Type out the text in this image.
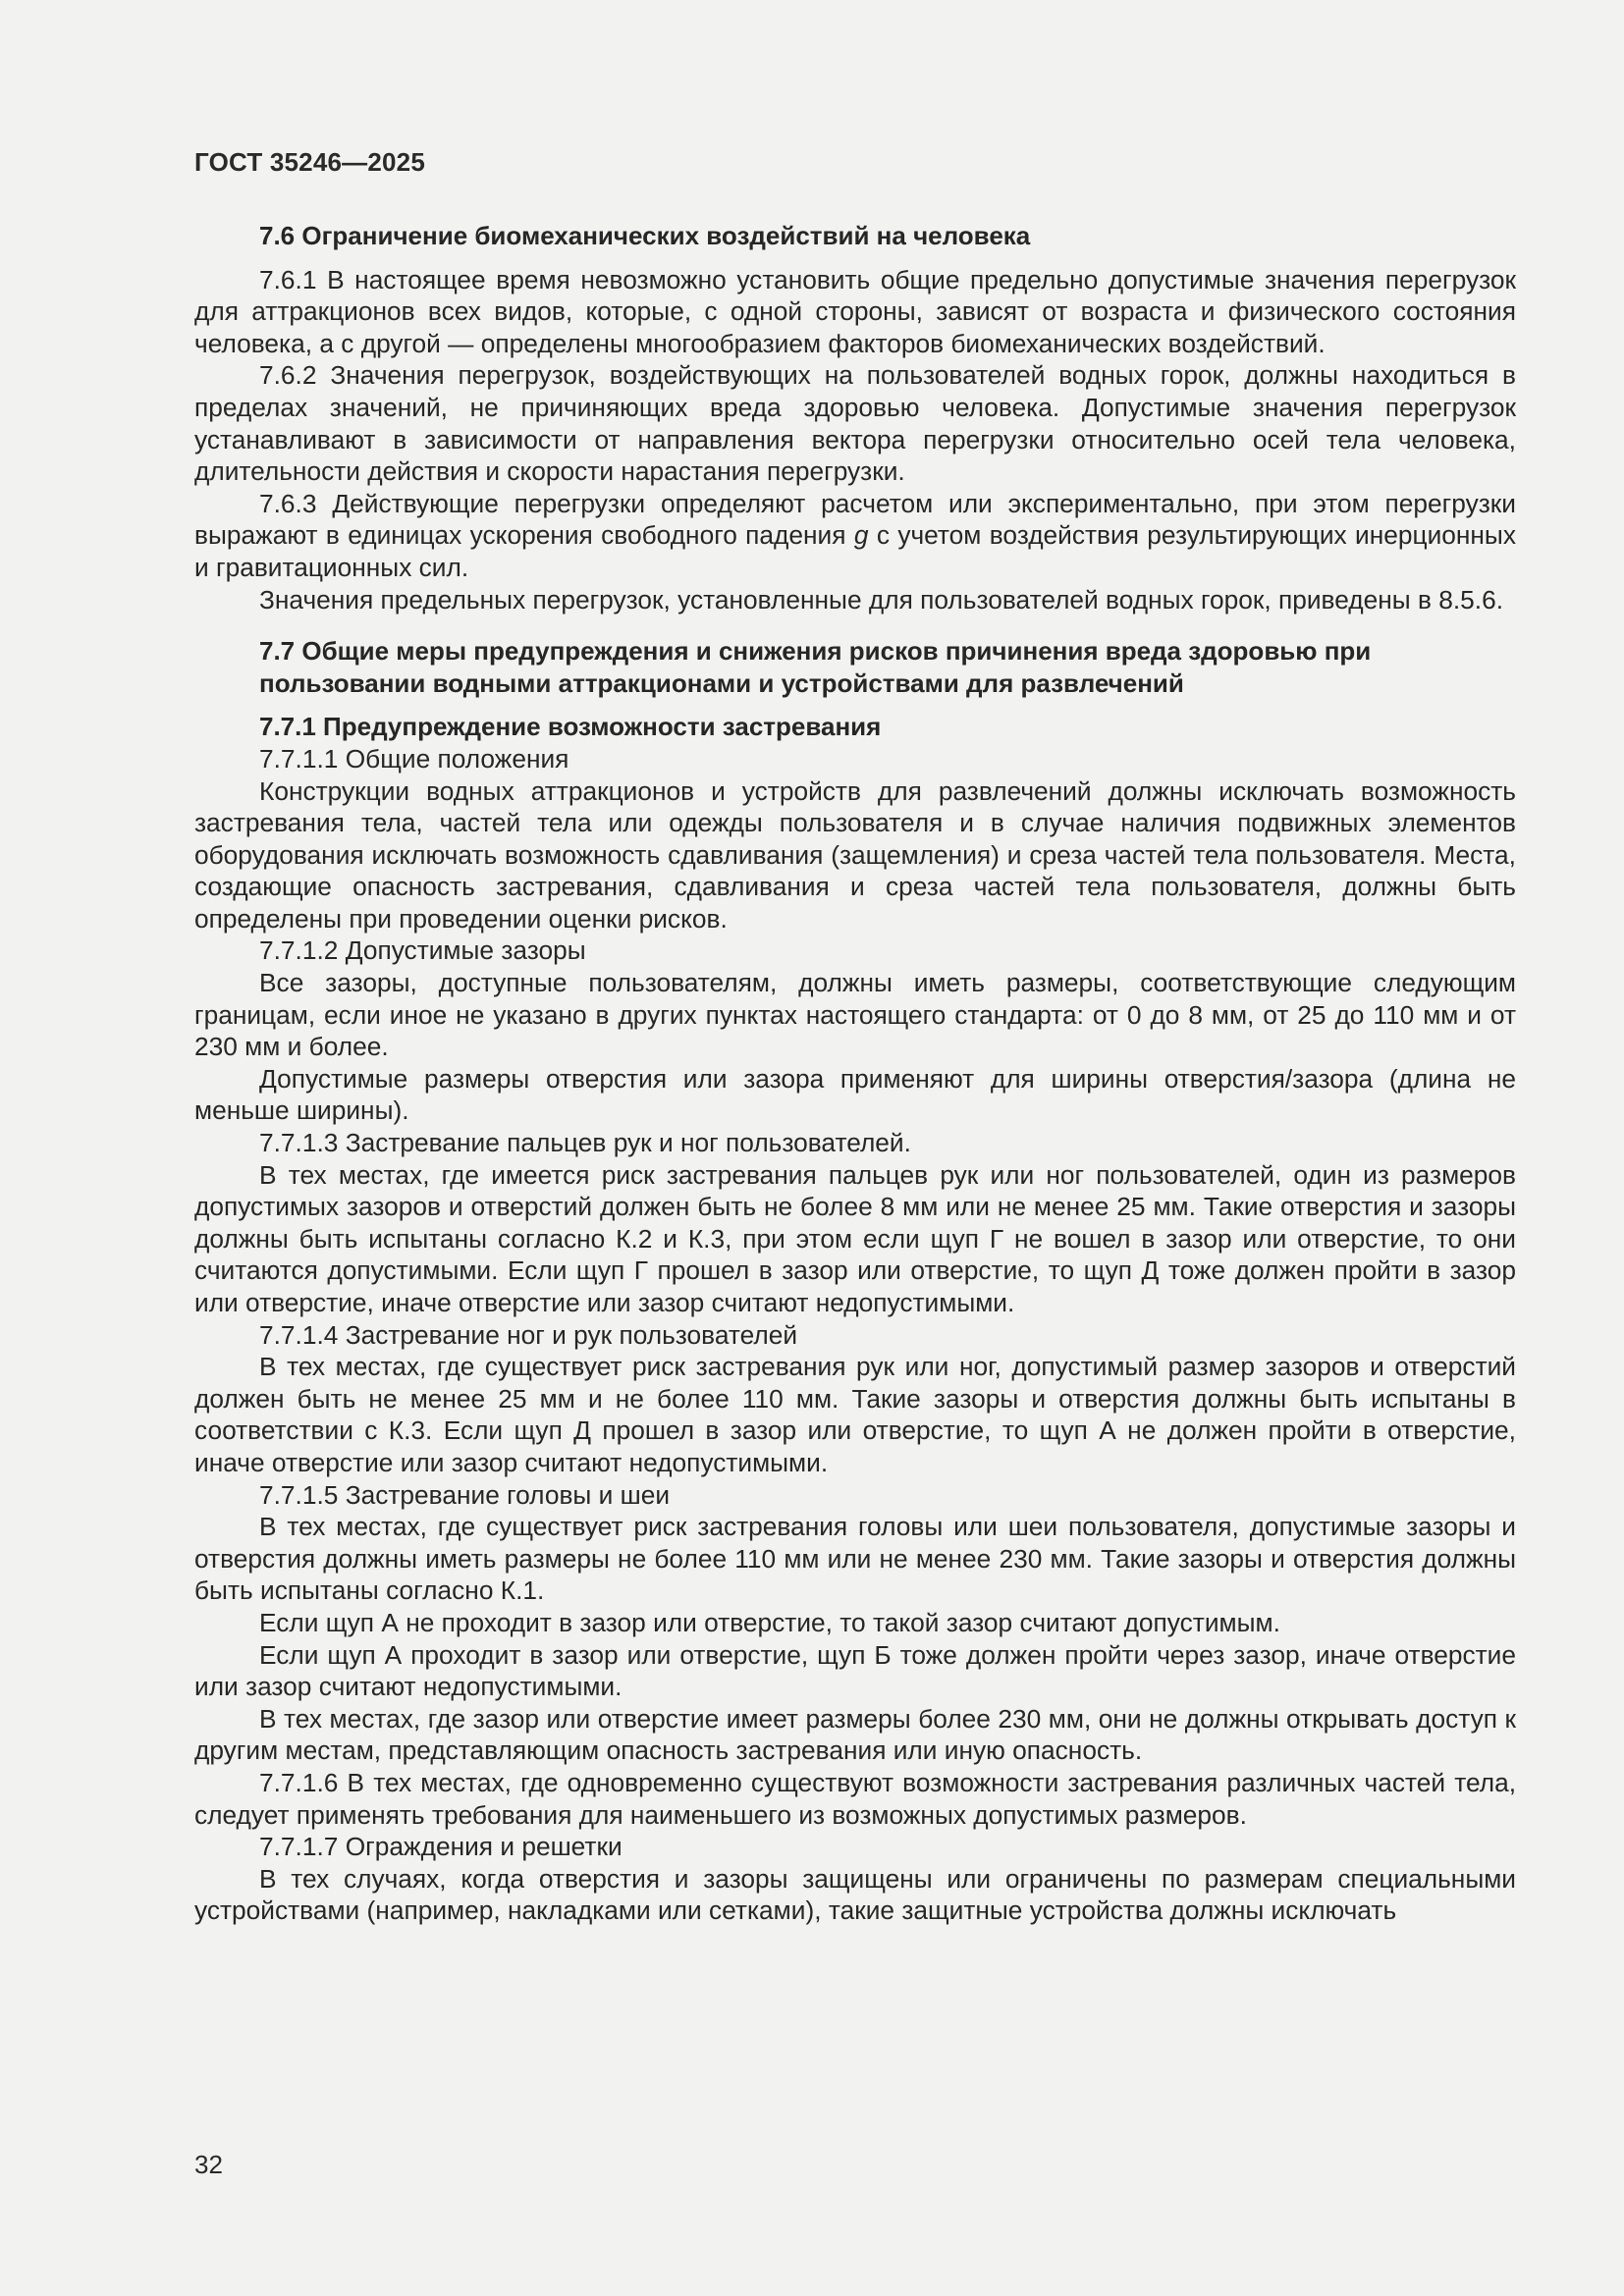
ГОСТ 35246—2025
7.6 Ограничение биомеханических воздействий на человека

7.6.1 В настоящее время невозможно установить общие предельно допустимые значения перегрузок для аттракционов всех видов, которые, с одной стороны, зависят от возраста и физического состояния человека, а с другой — определены многообразием факторов биомеханических воздействий.

7.6.2 Значения перегрузок, воздействующих на пользователей водных горок, должны находиться в пределах значений, не причиняющих вреда здоровью человека. Допустимые значения перегрузок устанавливают в зависимости от направления вектора перегрузки относительно осей тела человека, длительности действия и скорости нарастания перегрузки.

7.6.3 Действующие перегрузки определяют расчетом или экспериментально, при этом перегрузки выражают в единицах ускорения свободного падения g с учетом воздействия результирующих инерционных и гравитационных сил.

Значения предельных перегрузок, установленные для пользователей водных горок, приведены в 8.5.6.

7.7 Общие меры предупреждения и снижения рисков причинения вреда здоровью при пользовании водными аттракционами и устройствами для развлечений
7.7.1 Предупреждение возможности застревания

7.7.1.1 Общие положения

Конструкции водных аттракционов и устройств для развлечений должны исключать возможность застревания тела, частей тела или одежды пользователя и в случае наличия подвижных элементов оборудования исключать возможность сдавливания (защемления) и среза частей тела пользователя. Места, создающие опасность застревания, сдавливания и среза частей тела пользователя, должны быть определены при проведении оценки рисков.

7.7.1.2 Допустимые зазоры

Все зазоры, доступные пользователям, должны иметь размеры, соответствующие следующим границам, если иное не указано в других пунктах настоящего стандарта: от 0 до 8 мм, от 25 до 110 мм и от 230 мм и более.

Допустимые размеры отверстия или зазора применяют для ширины отверстия/зазора (длина не меньше ширины).

7.7.1.3 Застревание пальцев рук и ног пользователей.

В тех местах, где имеется риск застревания пальцев рук или ног пользователей, один из размеров допустимых зазоров и отверстий должен быть не более 8 мм или не менее 25 мм. Такие отверстия и зазоры должны быть испытаны согласно К.2 и К.3, при этом если щуп Г не вошел в зазор или отверстие, то они считаются допустимыми. Если щуп Г прошел в зазор или отверстие, то щуп Д тоже должен пройти в зазор или отверстие, иначе отверстие или зазор считают недопустимыми.

7.7.1.4 Застревание ног и рук пользователей

В тех местах, где существует риск застревания рук или ног, допустимый размер зазоров и отверстий должен быть не менее 25 мм и не более 110 мм. Такие зазоры и отверстия должны быть испытаны в соответствии с К.3. Если щуп Д прошел в зазор или отверстие, то щуп А не должен пройти в отверстие, иначе отверстие или зазор считают недопустимыми.

7.7.1.5 Застревание головы и шеи

В тех местах, где существует риск застревания головы или шеи пользователя, допустимые зазоры и отверстия должны иметь размеры не более 110 мм или не менее 230 мм. Такие зазоры и отверстия должны быть испытаны согласно К.1.

Если щуп А не проходит в зазор или отверстие, то такой зазор считают допустимым.

Если щуп А проходит в зазор или отверстие, щуп Б тоже должен пройти через зазор, иначе отверстие или зазор считают недопустимыми.

В тех местах, где зазор или отверстие имеет размеры более 230 мм, они не должны открывать доступ к другим местам, представляющим опасность застревания или иную опасность.

7.7.1.6 В тех местах, где одновременно существуют возможности застревания различных частей тела, следует применять требования для наименьшего из возможных допустимых размеров.

7.7.1.7 Ограждения и решетки

В тех случаях, когда отверстия и зазоры защищены или ограничены по размерам специальными устройствами (например, накладками или сетками), такие защитные устройства должны исключать

32
